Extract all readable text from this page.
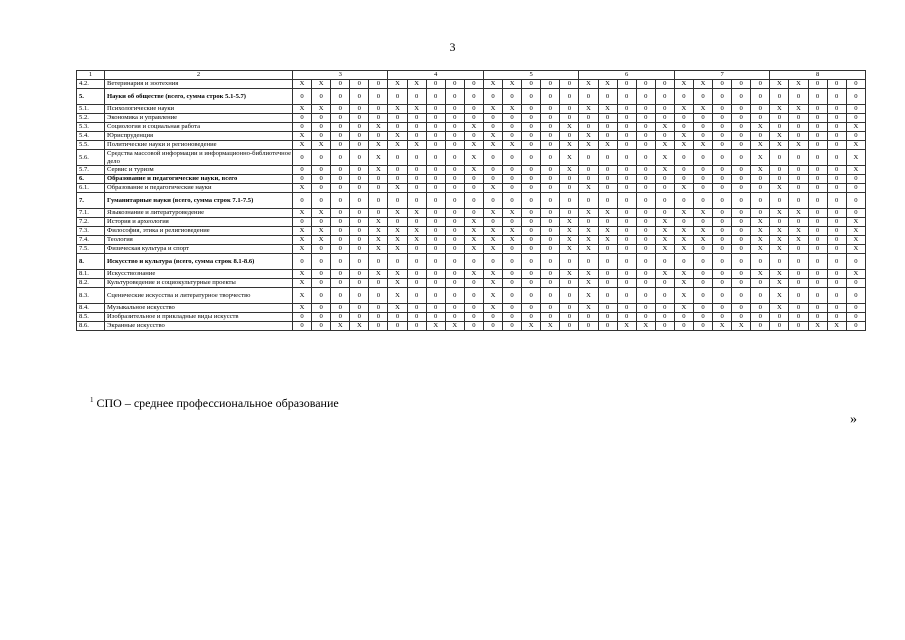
3
1	2	3					4					5					6					7					8				
4.2.	Ветеринария и зоотехния	X	X	0	0	0	X	X	0	0	0	X	X	0	0	0	X	X	0	0	0	X	X	0	0	0	X	X	0	0	0
5.	Науки об обществе (всего, сумма строк 5.1-5.7)	0	0	0	0	0	0	0	0	0	0	0	0	0	0	0	0	0	0	0	0	0	0	0	0	0	0	0	0	0	0
5.1.	Психологические науки	X	X	0	0	0	X	X	0	0	0	X	X	0	0	0	X	X	0	0	0	X	X	0	0	0	X	X	0	0	0
5.2.	Экономика и управление	0	0	0	0	0	0	0	0	0	0	0	0	0	0	0	0	0	0	0	0	0	0	0	0	0	0	0	0	0	0
5.3.	Социология и социальная работа	0	0	0	0	X	0	0	0	0	X	0	0	0	0	X	0	0	0	0	X	0	0	0	0	X	0	0	0	0	X
5.4.	Юриспруденция	X	0	0	0	0	X	0	0	0	0	X	0	0	0	0	X	0	0	0	0	X	0	0	0	0	X	0	0	0	0
5.5.	Политические науки и регионоведение	X	X	0	0	X	X	X	0	0	X	X	X	0	0	X	X	X	0	0	X	X	X	0	0	X	X	X	0	0	X
5.6.	Средства массовой информации и информационно-библиотечное дело	0	0	0	0	X	0	0	0	0	X	0	0	0	0	X	0	0	0	0	X	0	0	0	0	X	0	0	0	0	X
5.7.	Сервис и туризм	0	0	0	0	X	0	0	0	0	X	0	0	0	0	X	0	0	0	0	X	0	0	0	0	X	0	0	0	0	X
6.	Образование и педагогические науки, всего	0	0	0	0	0	0	0	0	0	0	0	0	0	0	0	0	0	0	0	0	0	0	0	0	0	0	0	0	0	0
6.1.	Образование и педагогические науки	X	0	0	0	0	X	0	0	0	0	X	0	0	0	0	X	0	0	0	0	X	0	0	0	0	X	0	0	0	0
7.	Гуманитарные науки (всего, сумма строк 7.1-7.5)	0	0	0	0	0	0	0	0	0	0	0	0	0	0	0	0	0	0	0	0	0	0	0	0	0	0	0	0	0	0
7.1.	Языкознание и литературоведение	X	X	0	0	0	X	X	0	0	0	X	X	0	0	0	X	X	0	0	0	X	X	0	0	0	X	X	0	0	0
7.2.	История и археология	0	0	0	0	X	0	0	0	0	X	0	0	0	0	X	0	0	0	0	X	0	0	0	0	X	0	0	0	0	X
7.3.	Философия, этика и религиоведение	X	X	0	0	X	X	X	0	0	X	X	X	0	0	X	X	X	0	0	X	X	X	0	0	X	X	X	0	0	X
7.4.	Теология	X	X	0	0	X	X	X	0	0	X	X	X	0	0	X	X	X	0	0	X	X	X	0	0	X	X	X	0	0	X
7.5.	Физическая культура и спорт	X	0	0	0	X	X	0	0	0	X	X	0	0	0	X	X	0	0	0	X	X	0	0	0	X	X	0	0	0	X
8.	Искусство и культура (всего, сумма строк 8.1-8.6)	0	0	0	0	0	0	0	0	0	0	0	0	0	0	0	0	0	0	0	0	0	0	0	0	0	0	0	0	0	0
8.1.	Искусствознание	X	0	0	0	X	X	0	0	0	X	X	0	0	0	X	X	0	0	0	X	X	0	0	0	X	X	0	0	0	X
8.2.	Культуроведение и социокультурные проекты	X	0	0	0	0	X	0	0	0	0	X	0	0	0	0	X	0	0	0	0	X	0	0	0	0	X	0	0	0	0
8.3.	Сценические искусства и литературное творчество	X	0	0	0	0	X	0	0	0	0	X	0	0	0	0	X	0	0	0	0	X	0	0	0	0	X	0	0	0	0
8.4.	Музыкальное искусство	X	0	0	0	0	X	0	0	0	0	X	0	0	0	0	X	0	0	0	0	X	0	0	0	0	X	0	0	0	0
8.5.	Изобразительное и прикладные виды искусств	0	0	0	0	0	0	0	0	0	0	0	0	0	0	0	0	0	0	0	0	0	0	0	0	0	0	0	0	0	0
8.6.	Экранные искусство	0	0	X	X	0	0	0	X	X	0	0	0	X	X	0	0	0	X	X	0	0	0	X	X	0	0	0	X	X	0
$^1$ СПО – среднее профессиональное образование
»
